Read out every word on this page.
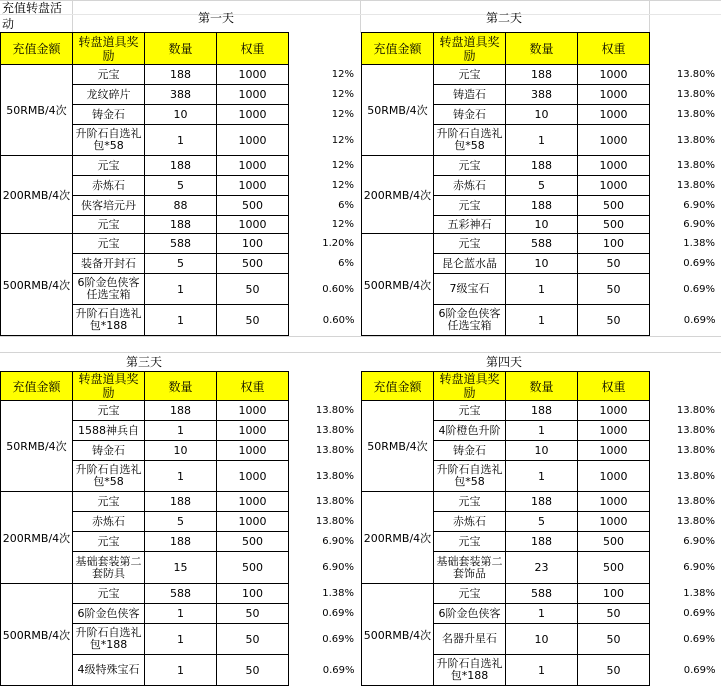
充值转盘活动	第一天	第二天
第三天	第四天
充值金额	转盘道具奖励	数量	权重	
50RMB/4次	元宝	188	1000	12%
	龙纹碎片	388	1000	12%
	铸金石	10	1000	12%
	升阶石自选礼包*58	1	1000	12%
200RMB/4次	元宝	188	1000	12%
	赤炼石	5	1000	12%
	侠客培元丹	88	500	6%
	元宝	188	1000	12%
500RMB/4次	元宝	588	100	1.20%
	装备开封石	5	500	6%
	6阶金色侠客任选宝箱	1	50	0.60%
	升阶石自选礼包*188	1	50	0.60%
充值金额	转盘道具奖励	数量	权重	
50RMB/4次	元宝	188	1000	13.80%
	铸造石	388	1000	13.80%
	铸金石	10	1000	13.80%
	升阶石自选礼包*58	1	1000	13.80%
200RMB/4次	元宝	188	1000	13.80%
	赤炼石	5	1000	13.80%
	元宝	188	500	6.90%
	五彩神石	10	500	6.90%
500RMB/4次	元宝	588	100	1.38%
	昆仑蓝水晶	10	50	0.69%
	7级宝石	1	50	0.69%
	6阶金色侠客任选宝箱	1	50	0.69%
充值金额	转盘道具奖励	数量	权重	
50RMB/4次	元宝	188	1000	13.80%
	1588神兵自	1	1000	13.80%
	铸金石	10	1000	13.80%
	升阶石自选礼包*58	1	1000	13.80%
200RMB/4次	元宝	188	1000	13.80%
	赤炼石	5	1000	13.80%
	元宝	188	500	6.90%
	基础套装第二套防具	15	500	6.90%
500RMB/4次	元宝	588	100	1.38%
	6阶金色侠客	1	50	0.69%
	升阶石自选礼包*188	1	50	0.69%
	4级特殊宝石	1	50	0.69%
充值金额	转盘道具奖励	数量	权重	
50RMB/4次	元宝	188	1000	13.80%
	4阶橙色升阶	1	1000	13.80%
	铸金石	10	1000	13.80%
	升阶石自选礼包*58	1	1000	13.80%
200RMB/4次	元宝	188	1000	13.80%
	赤炼石	5	1000	13.80%
	元宝	188	500	6.90%
	基础套装第二套饰品	23	500	6.90%
500RMB/4次	元宝	588	100	1.38%
	6阶金色侠客	1	50	0.69%
	名器升星石	10	50	0.69%
	升阶石自选礼包*188	1	50	0.69%
